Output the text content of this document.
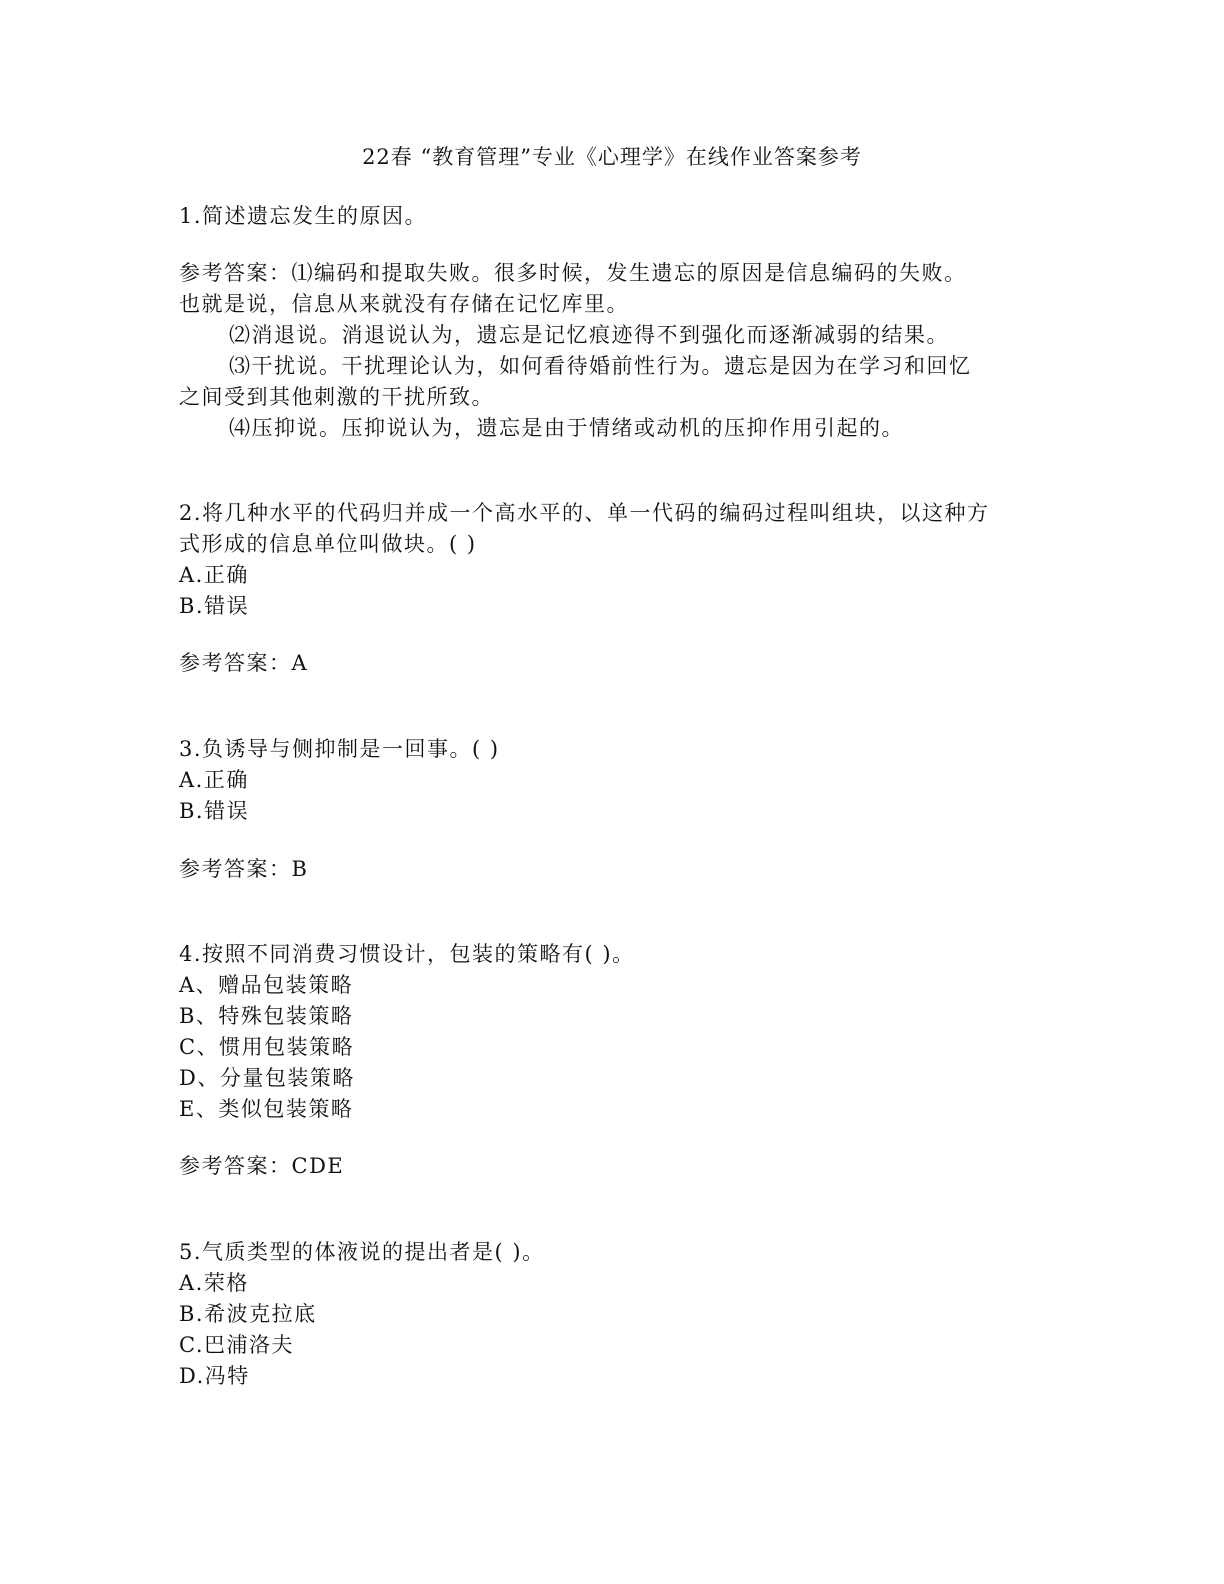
22春 “教育管理”专业《心理学》在线作业答案参考
1.简述遗忘发生的原因。
参考答案：⑴编码和提取失败。很多时候，发生遗忘的原因是信息编码的失败。
也就是说，信息从来就没有存储在记忆库里。
⑵消退说。消退说认为，遗忘是记忆痕迹得不到强化而逐渐减弱的结果。
⑶干扰说。干扰理论认为，如何看待婚前性行为。遗忘是因为在学习和回忆
之间受到其他刺激的干扰所致。
⑷压抑说。压抑说认为，遗忘是由于情绪或动机的压抑作用引起的。
2.将几种水平的代码归并成一个高水平的、单一代码的编码过程叫组块，以这种方
式形成的信息单位叫做块。( )
A.正确
B.错误
参考答案：A
3.负诱导与侧抑制是一回事。( )
A.正确
B.错误
参考答案：B
4.按照不同消费习惯设计，包装的策略有( )。
A、赠品包装策略
B、特殊包装策略
C、惯用包装策略
D、分量包装策略
E、类似包装策略
参考答案：CDE
5.气质类型的体液说的提出者是( )。
A.荣格
B.希波克拉底
C.巴浦洛夫
D.冯特
